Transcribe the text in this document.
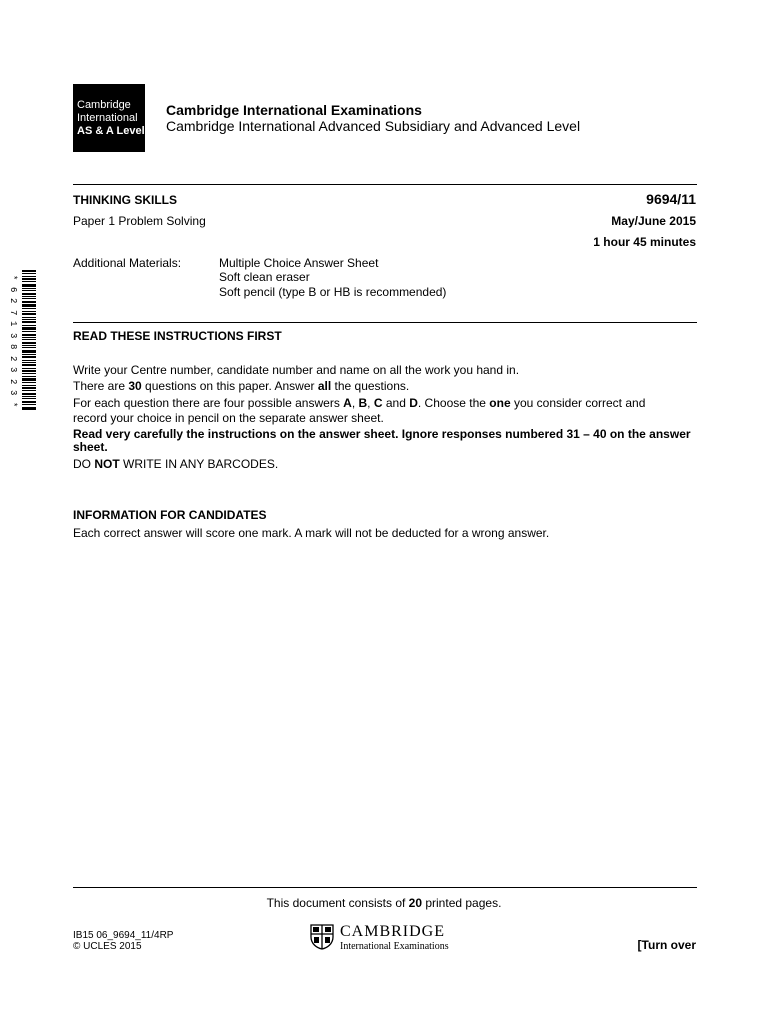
Cambridge
International
AS & A Level
Cambridge International Examinations
Cambridge International Advanced Subsidiary and Advanced Level
THINKING SKILLS	9694/11
Paper 1 Problem Solving	May/June 2015
1 hour 45 minutes
Additional Materials:	Multiple Choice Answer Sheet
Soft clean eraser
Soft pencil (type B or HB is recommended)
*
6
2
7
1
3
8
2
3
2
3
*
READ THESE INSTRUCTIONS FIRST

Write your Centre number, candidate number and name on all the work you hand in.

There are 30 questions on this paper. Answer all the questions.

For each question there are four possible answers A, B, C and D. Choose the one you consider correct and
record your choice in pencil on the separate answer sheet.

Read very carefully the instructions on the answer sheet. Ignore responses numbered 31 – 40 on the answer sheet.

DO NOT WRITE IN ANY BARCODES.

INFORMATION FOR CANDIDATES
Each correct answer will score one mark. A mark will not be deducted for a wrong answer.
This document consists of 20 printed pages.
IB15 06_9694_11/4RP
© UCLES 2015
CAMBRIDGE
International Examinations	[Turn over
